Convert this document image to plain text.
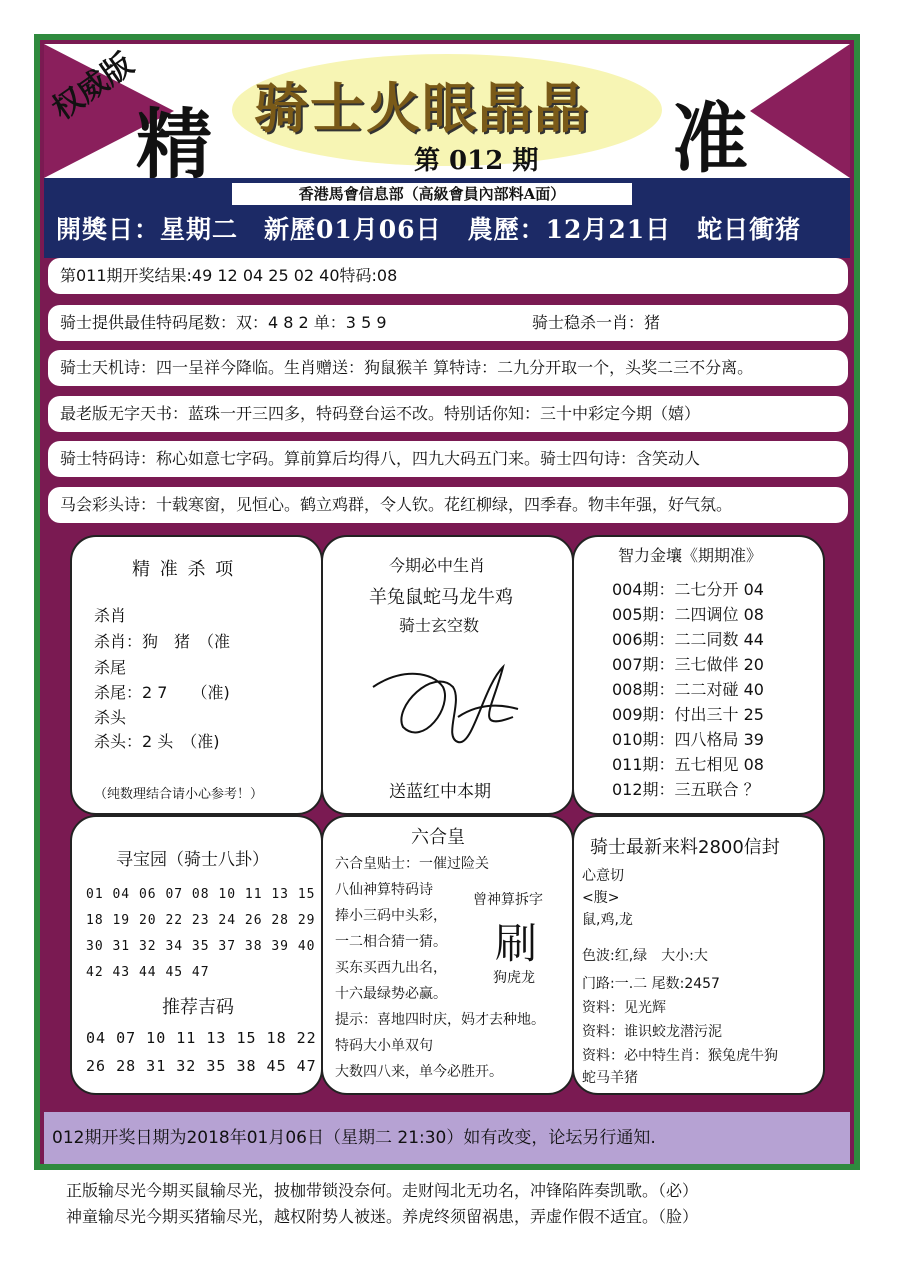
权威版
精	准
骑士火眼晶晶
第 012 期
香港馬會信息部（高級會員內部料A面）
開獎日：星期二　新歷01月06日　農歷：12月21日　蛇日衝猪
第011期开奖结果:49 12 04 25 02 40特码:08
骑士提供最佳特码尾数：双：4 8 2 单：3 5 9	骑士稳杀一肖：猪
骑士天机诗：四一呈祥今降临。生肖赠送：狗鼠猴羊 算特诗：二九分开取一个，头奖二三不分离。
最老版无字天书：蓝珠一开三四多，特码登台运不改。特别话你知：三十中彩定今期（嬉）
骑士特码诗：称心如意七字码。算前算后均得八，四九大码五门来。骑士四句诗：含笑动人
马会彩头诗：十载寒窗，见恒心。鹤立鸡群，令人钦。花红柳绿，四季春。物丰年强，好气氛。
精 准 杀 项
杀肖
杀肖：狗　猪　（准
杀尾
杀尾：2 7　　（准)
杀头
杀头：2 头　（准)
（纯数理结合请小心参考！）
今期必中生肖
羊兔鼠蛇马龙牛鸡
骑士玄空数
送蓝红中本期
智力金壤《期期准》
004期：二七分开 04
005期：二四调位 08
006期：二二同数 44
007期：三七做伴 20
008期：二二对碰 40
009期：付出三十 25
010期：四八格局 39
011期：五七相见 08
012期：三五联合 ？
寻宝园（骑士八卦）
01 04 06 07 08 10 11 13 15
18 19 20 22 23 24 26 28 29
30 31 32 34 35 37 38 39 40
42 43 44 45 47
推荐吉码
04 07 10 11 13 15 18 22
26 28 31 32 35 38 45 47
六合皇
六合皇贴士：一催过险关
八仙神算特码诗
捧小三码中头彩，
一二相合猜一猜。
买东买西九出名，
十六最绿势必赢。
提示：喜地四时庆，妈才去种地。
特码大小单双句
大数四八来，单今必胜开。
曾神算拆字
刷
狗虎龙
骑士最新来料2800信封
心意切
<腹>
鼠,鸡,龙
色波:红,绿　大小:大
门路:一.二 尾数:2457
资料：见光辉
资料：谁识蛟龙潜污泥
资料：必中特生肖：猴兔虎牛狗
蛇马羊猪
012期开奖日期为2018年01月06日（星期二 21:30）如有改变，论坛另行通知.
正版输尽光今期买鼠输尽光，披枷带锁没奈何。走财闯北无功名，冲锋陷阵奏凯歌。（必）
神童输尽光今期买猪输尽光，越权附势人被迷。养虎终须留祸患，弄虚作假不适宜。（脸）
